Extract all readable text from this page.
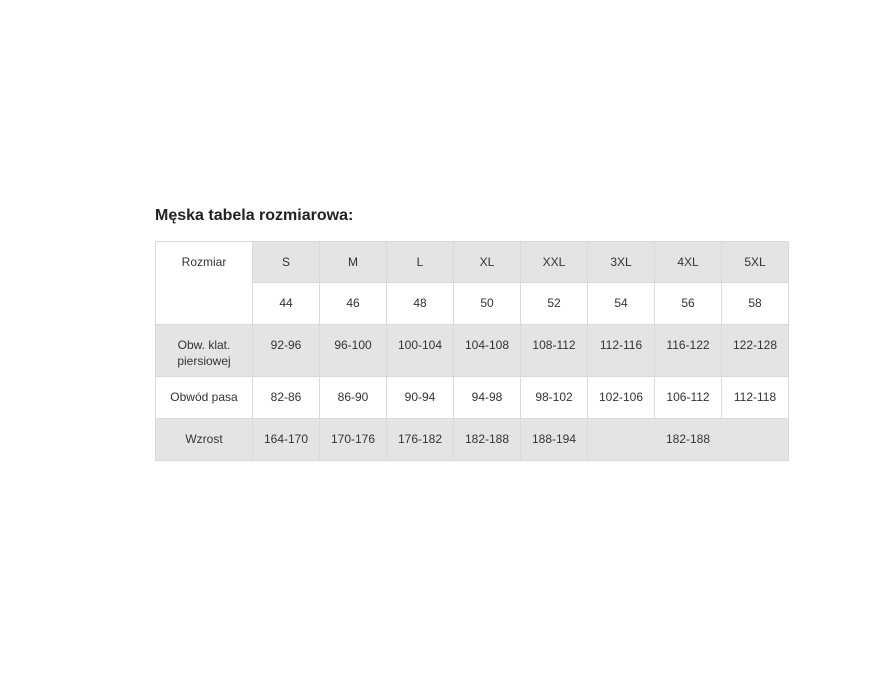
Męska tabela rozmiarowa:
Rozmiar	S	M	L	XL	XXL	3XL	4XL	5XL
	44	46	48	50	52	54	56	58
Obw. klat. piersiowej	92-96	96-100	100-104	104-108	108-112	112-116	116-122	122-128
Obwód pasa	82-86	86-90	90-94	94-98	98-102	102-106	106-112	112-118
Wzrost	164-170	170-176	176-182	182-188	188-194		182-188	
